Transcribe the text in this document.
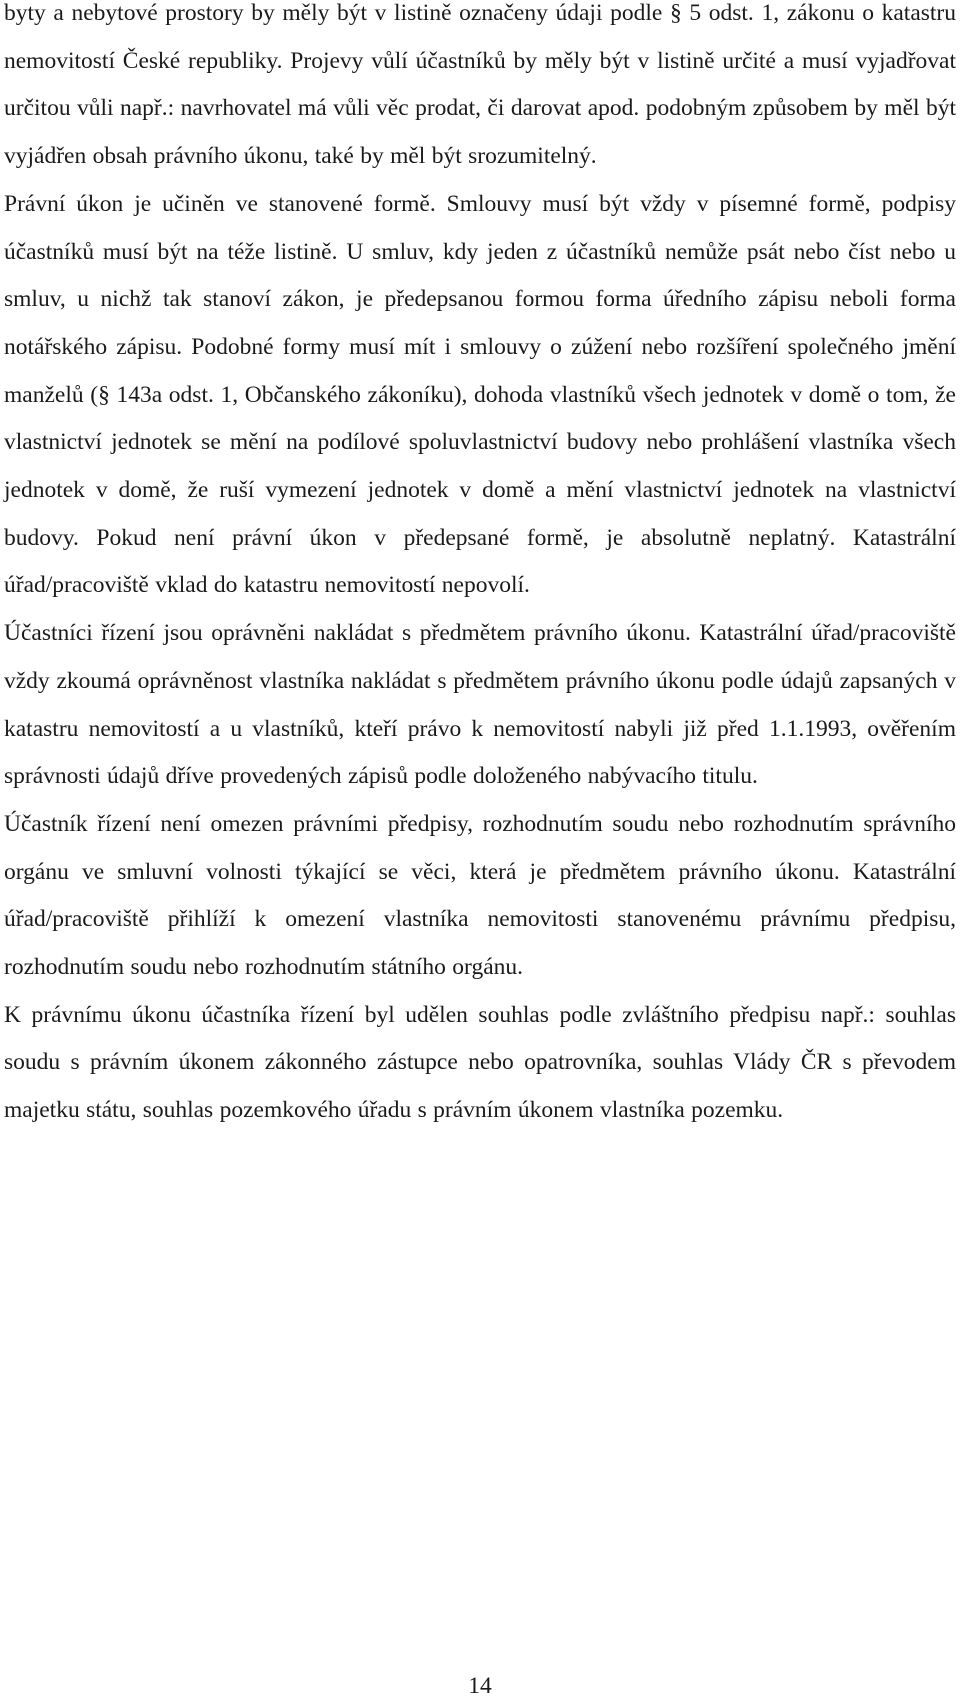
byty a nebytové prostory by měly být v listině označeny údaji podle § 5 odst. 1, zákonu o katastru nemovitostí České republiky. Projevy vůlí účastníků by měly být v listině určité a musí vyjadřovat určitou vůli např.: navrhovatel má vůli věc prodat, či darovat apod. podobným způsobem by měl být vyjádřen obsah právního úkonu, také by měl být srozumitelný.

Právní úkon je učiněn ve stanovené formě. Smlouvy musí být vždy v písemné formě, podpisy účastníků musí být na téže listině. U smluv, kdy jeden z účastníků nemůže psát nebo číst nebo u smluv, u nichž tak stanoví zákon, je předepsanou formou forma úředního zápisu neboli forma notářského zápisu. Podobné formy musí mít i smlouvy o zúžení nebo rozšíření společného jmění manželů (§ 143a odst. 1, Občanského zákoníku), dohoda vlastníků všech jednotek v domě o tom, že vlastnictví jednotek se mění na podílové spoluvlastnictví budovy nebo prohlášení vlastníka všech jednotek v domě, že ruší vymezení jednotek v domě a mění vlastnictví jednotek na vlastnictví budovy. Pokud není právní úkon v předepsané formě, je absolutně neplatný. Katastrální úřad/pracoviště vklad do katastru nemovitostí nepovolí.

Účastníci řízení jsou oprávněni nakládat s předmětem právního úkonu. Katastrální úřad/pracoviště vždy zkoumá oprávněnost vlastníka nakládat s předmětem právního úkonu podle údajů zapsaných v katastru nemovitostí a u vlastníků, kteří právo k nemovitostí nabyli již před 1.1.1993, ověřením správnosti údajů dříve provedených zápisů podle doloženého nabývacího titulu.

Účastník řízení není omezen právními předpisy, rozhodnutím soudu nebo rozhodnutím správního orgánu ve smluvní volnosti týkající se věci, která je předmětem právního úkonu. Katastrální úřad/pracoviště přihlíží k omezení vlastníka nemovitosti stanovenému právnímu předpisu, rozhodnutím soudu nebo rozhodnutím státního orgánu.

K právnímu úkonu účastníka řízení byl udělen souhlas podle zvláštního předpisu např.: souhlas soudu s právním úkonem zákonného zástupce nebo opatrovníka, souhlas Vlády ČR s převodem majetku státu, souhlas pozemkového úřadu s právním úkonem vlastníka pozemku.

14
